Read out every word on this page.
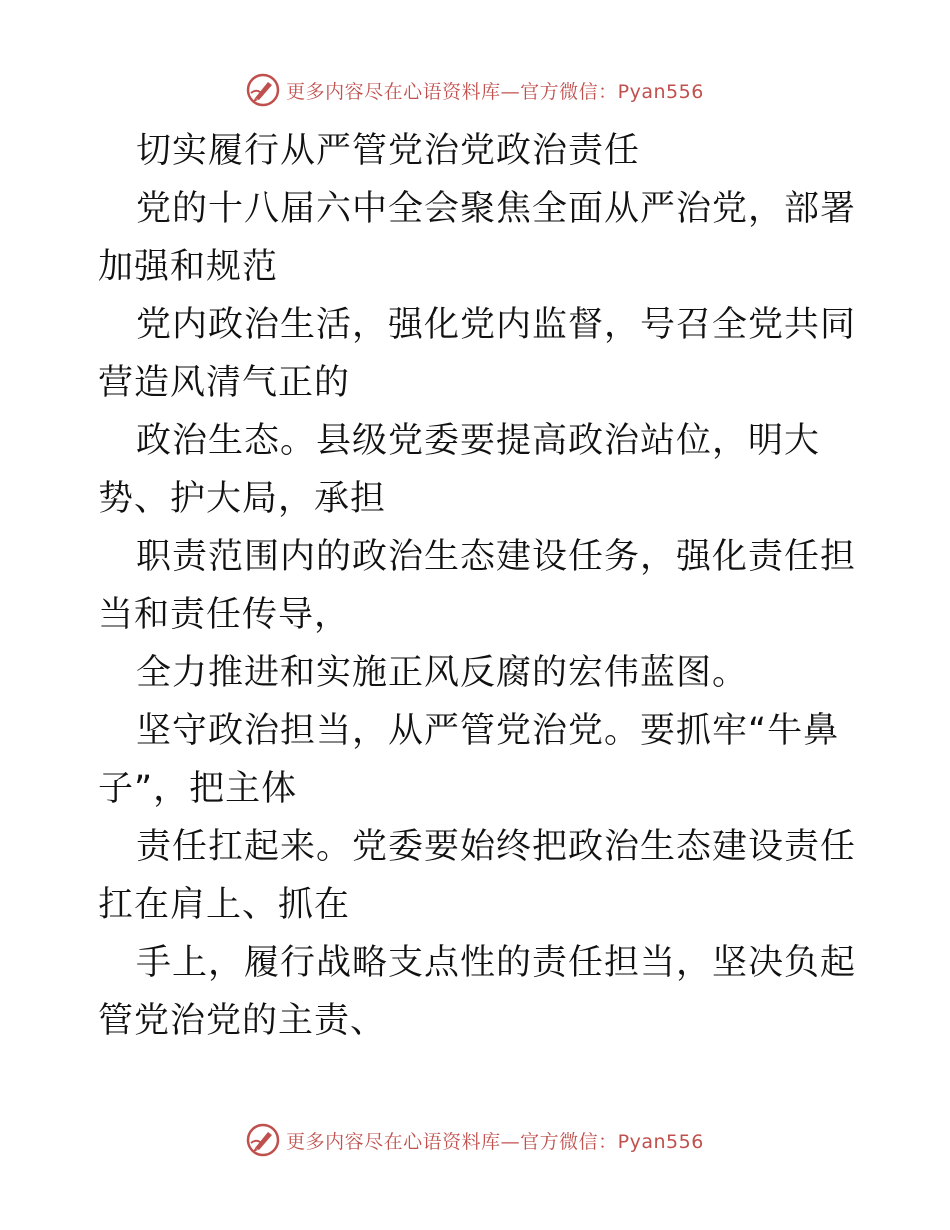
更多内容尽在心语资料库—官方微信：Pyan556

切实履行从严管党治党政治责任

党的十八届六中全会聚焦全面从严治党，部署加强和规范

党内政治生活，强化党内监督，号召全党共同营造风清气正的

政治生态。县级党委要提高政治站位，明大势、护大局，承担

职责范围内的政治生态建设任务，强化责任担当和责任传导，

全力推进和实施正风反腐的宏伟蓝图。

坚守政治担当，从严管党治党。要抓牢“牛鼻子”，把主体

责任扛起来。党委要始终把政治生态建设责任扛在肩上、抓在

手上，履行战略支点性的责任担当，坚决负起管党治党的主责、

更多内容尽在心语资料库—官方微信：Pyan556
